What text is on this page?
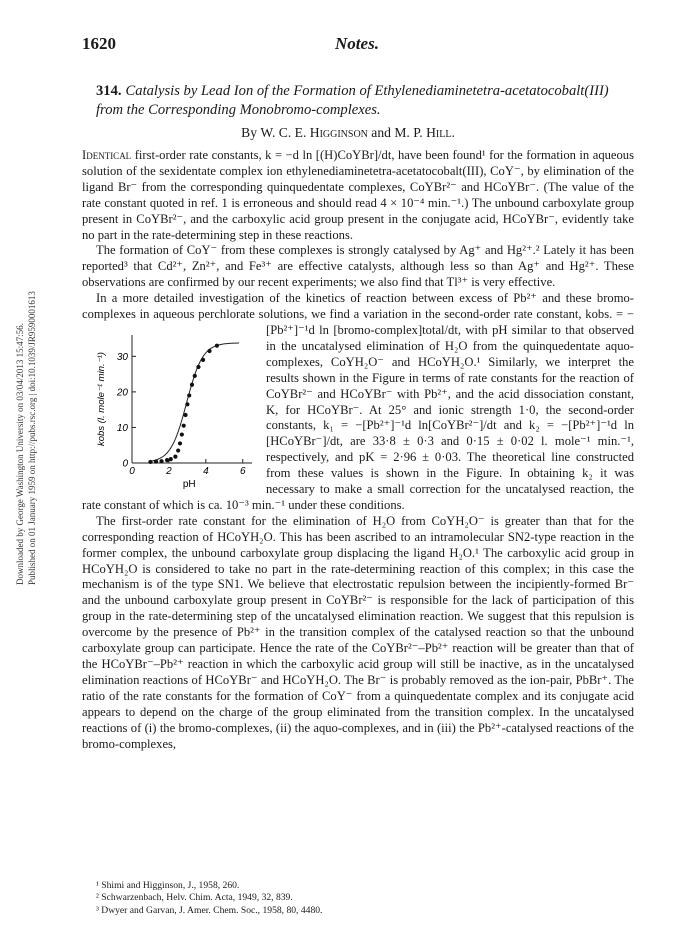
1620	Notes.
Downloaded by George Washington University on 03/04/2013 15:47:56. Published on 01 January 1959 on http://pubs.rsc.org | doi:10.1039/JR9590001613
314. Catalysis by Lead Ion of the Formation of Ethylenediaminetetra-acetatocobalt(III) from the Corresponding Monobromo-complexes.
By W. C. E. Higginson and M. P. Hill.

Identical first-order rate constants, k = −d ln [(H)CoYBr]/dt, have been found¹ for the formation in aqueous solution of the sexidentate complex ion ethylenediaminetetra-acetatocobalt(III), CoY⁻, by elimination of the ligand Br⁻ from the corresponding quinquedentate complexes, CoYBr²⁻ and HCoYBr⁻. (The value of the rate constant quoted in ref. 1 is erroneous and should read 4 × 10⁻⁴ min.⁻¹.) The unbound carboxylate group present in CoYBr²⁻, and the carboxylic acid group present in the conjugate acid, HCoYBr⁻, evidently take no part in the rate-determining step in these reactions.

The formation of CoY⁻ from these complexes is strongly catalysed by Ag⁺ and Hg²⁺.² Lately it has been reported³ that Cd²⁺, Zn²⁺, and Fe³⁺ are effective catalysts, although less so than Ag⁺ and Hg²⁺. These observations are confirmed by our recent experiments; we also find that Tl³⁺ is very effective.

In a more detailed investigation of the kinetics of reaction between excess of Pb²⁺ and these bromo-complexes in aqueous perchlorate solutions, we find a variation in the second-order rate constant, kobs. = −[Pb²⁺]⁻¹d ln [bromo-complex]total/dt, with pH similar to
0	2	4	6
0
10
20
30
pH
kobs (l. mole⁻¹ min.⁻¹)
that observed in the uncatalysed elimination of H₂O from the quinquedentate aquo-complexes, CoYH₂O⁻ and HCoYH₂O.¹ Similarly, we interpret the results shown in the Figure in terms of rate constants for the reaction of CoYBr²⁻ and HCoYBr⁻ with Pb²⁺, and the acid dissociation constant, K, for HCoYBr⁻. At 25° and ionic strength 1·0, the second-order constants, k₁ = −[Pb²⁺]⁻¹d ln[CoYBr²⁻]/dt and k₂ = −[Pb²⁺]⁻¹d ln [HCoYBr⁻]/dt, are 33·8 ± 0·3 and 0·15 ± 0·02 l. mole⁻¹ min.⁻¹, respectively, and pK = 2·96 ± 0·03. The theoretical line constructed from these values is shown in the Figure. In obtaining k₂ it was necessary to make a small correction for the uncatalysed reaction, the rate constant of which is ca. 10⁻³ min.⁻¹ under these conditions.

The first-order rate constant for the elimination of H₂O from CoYH₂O⁻ is greater than that for the corresponding reaction of HCoYH₂O. This has been ascribed to an intramolecular SN2-type reaction in the former complex, the unbound carboxylate group displacing the ligand H₂O.¹ The carboxylic acid group in HCoYH₂O is considered to take no part in the rate-determining reaction of this complex; in this case the mechanism is of the type SN1. We believe that electrostatic repulsion between the incipiently-formed Br⁻ and the unbound carboxylate group present in CoYBr²⁻ is responsible for the lack of participation of this group in the rate-determining step of the uncatalysed elimination reaction. We suggest that this repulsion is overcome by the presence of Pb²⁺ in the transition complex of the catalysed reaction so that the unbound carboxylate group can participate. Hence the rate of the CoYBr²⁻–Pb²⁺ reaction will be greater than that of the HCoYBr⁻–Pb²⁺ reaction in which the carboxylic acid group will still be inactive, as in the uncatalysed elimination reactions of HCoYBr⁻ and HCoYH₂O. The Br⁻ is probably removed as the ion-pair, PbBr⁺. The ratio of the rate constants for the formation of CoY⁻ from a quinquedentate complex and its conjugate acid appears to depend on the charge of the group eliminated from the transition complex. In the uncatalysed reactions of (i) the bromo-complexes, (ii) the aquo-complexes, and in (iii) the Pb²⁺-catalysed reactions of the bromo-complexes,

¹ Shimi and Higginson, J., 1958, 260.
² Schwarzenbach, Helv. Chim. Acta, 1949, 32, 839.
³ Dwyer and Garvan, J. Amer. Chem. Soc., 1958, 80, 4480.
